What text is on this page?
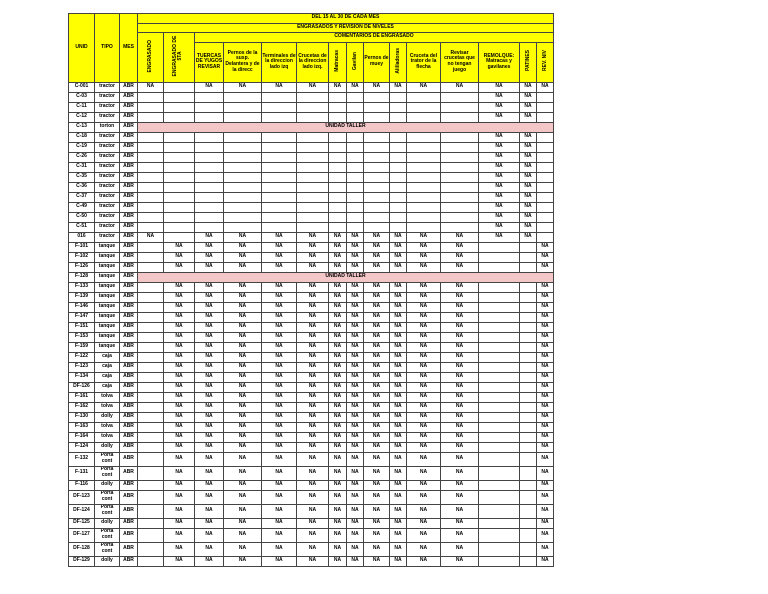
UNID	TIPO	MES	DEL 15 AL 30 DE CADA MES														
			ENGRASADOS Y REVISION DE NIVELES														
			ENGRASADO	ENGRASADO DE 5TA	COMENTARIOS DE ENGRASADO												
					TUERCAS DE YUGOS REVISAR	Pernos de la susp. Delantera y de la direcc	Terminales de la direccion lado izq	Crucetas de la direccion lado izq.	Matracas	Gavilan	Pernos de muey	Alilladoras	Cruceta del trator de la flecha	Revisar crucetas que no tengan juego	REMOLQUE: Matracas y gavilanes	PATINES	REV. NIV
C-001	tractor	ABR	NA		NA	NA	NA	NA	NA	NA	NA	NA	NA	NA	NA	NA	NA
C-03	tractor	ABR													NA	NA	
C-11	tractor	ABR													NA	NA	
C-12	tractor	ABR													NA	NA	
C-13	torton	ABR	UNIDAD TALLER														
C-18	tractor	ABR													NA	NA	
C-19	tractor	ABR													NA	NA	
C-26	tractor	ABR													NA	NA	
C-31	tractor	ABR													NA	NA	
C-35	tractor	ABR													NA	NA	
C-36	tractor	ABR													NA	NA	
C-37	tractor	ABR													NA	NA	
C-49	tractor	ABR													NA	NA	
C-50	tractor	ABR													NA	NA	
C-51	tractor	ABR													NA	NA	
016	tractor	ABR	NA		NA	NA	NA	NA	NA	NA	NA	NA	NA	NA	NA	NA	
F-101	tanque	ABR		NA	NA	NA	NA	NA	NA	NA	NA	NA	NA	NA			NA
F-102	tanque	ABR		NA	NA	NA	NA	NA	NA	NA	NA	NA	NA	NA			NA
F-126	tanque	ABR		NA	NA	NA	NA	NA	NA	NA	NA	NA	NA	NA			NA
F-128	tanque	ABR	UNIDAD TALLER														
F-133	tanque	ABR		NA	NA	NA	NA	NA	NA	NA	NA	NA	NA	NA			NA
F-139	tanque	ABR		NA	NA	NA	NA	NA	NA	NA	NA	NA	NA	NA			NA
F-146	tanque	ABR		NA	NA	NA	NA	NA	NA	NA	NA	NA	NA	NA			NA
F-147	tanque	ABR		NA	NA	NA	NA	NA	NA	NA	NA	NA	NA	NA			NA
F-151	tanque	ABR		NA	NA	NA	NA	NA	NA	NA	NA	NA	NA	NA			NA
F-153	tanque	ABR		NA	NA	NA	NA	NA	NA	NA	NA	NA	NA	NA			NA
F-159	tanque	ABR		NA	NA	NA	NA	NA	NA	NA	NA	NA	NA	NA			NA
F-122	caja	ABR		NA	NA	NA	NA	NA	NA	NA	NA	NA	NA	NA			NA
F-123	caja	ABR		NA	NA	NA	NA	NA	NA	NA	NA	NA	NA	NA			NA
F-134	caja	ABR		NA	NA	NA	NA	NA	NA	NA	NA	NA	NA	NA			NA
DF-126	caja	ABR		NA	NA	NA	NA	NA	NA	NA	NA	NA	NA	NA			NA
F-161	tolva	ABR		NA	NA	NA	NA	NA	NA	NA	NA	NA	NA	NA			NA
F-162	tolva	ABR		NA	NA	NA	NA	NA	NA	NA	NA	NA	NA	NA			NA
F-130	dolly	ABR		NA	NA	NA	NA	NA	NA	NA	NA	NA	NA	NA			NA
F-163	tolva	ABR		NA	NA	NA	NA	NA	NA	NA	NA	NA	NA	NA			NA
F-164	tolva	ABR		NA	NA	NA	NA	NA	NA	NA	NA	NA	NA	NA			NA
F-124	dolly	ABR		NA	NA	NA	NA	NA	NA	NA	NA	NA	NA	NA			NA
F-132	Porta cont	ABR		NA	NA	NA	NA	NA	NA	NA	NA	NA	NA	NA			NA
F-131	Porta cont	ABR		NA	NA	NA	NA	NA	NA	NA	NA	NA	NA	NA			NA
F-116	dolly	ABR		NA	NA	NA	NA	NA	NA	NA	NA	NA	NA	NA			NA
DF-123	Porta cont	ABR		NA	NA	NA	NA	NA	NA	NA	NA	NA	NA	NA			NA
DF-124	Porta cont	ABR		NA	NA	NA	NA	NA	NA	NA	NA	NA	NA	NA			NA
DF-125	dolly	ABR		NA	NA	NA	NA	NA	NA	NA	NA	NA	NA	NA			NA
DF-127	Porta cont	ABR		NA	NA	NA	NA	NA	NA	NA	NA	NA	NA	NA			NA
DF-128	Porta cont	ABR		NA	NA	NA	NA	NA	NA	NA	NA	NA	NA	NA			NA
DF-129	dolly	ABR		NA	NA	NA	NA	NA	NA	NA	NA	NA	NA	NA			NA
